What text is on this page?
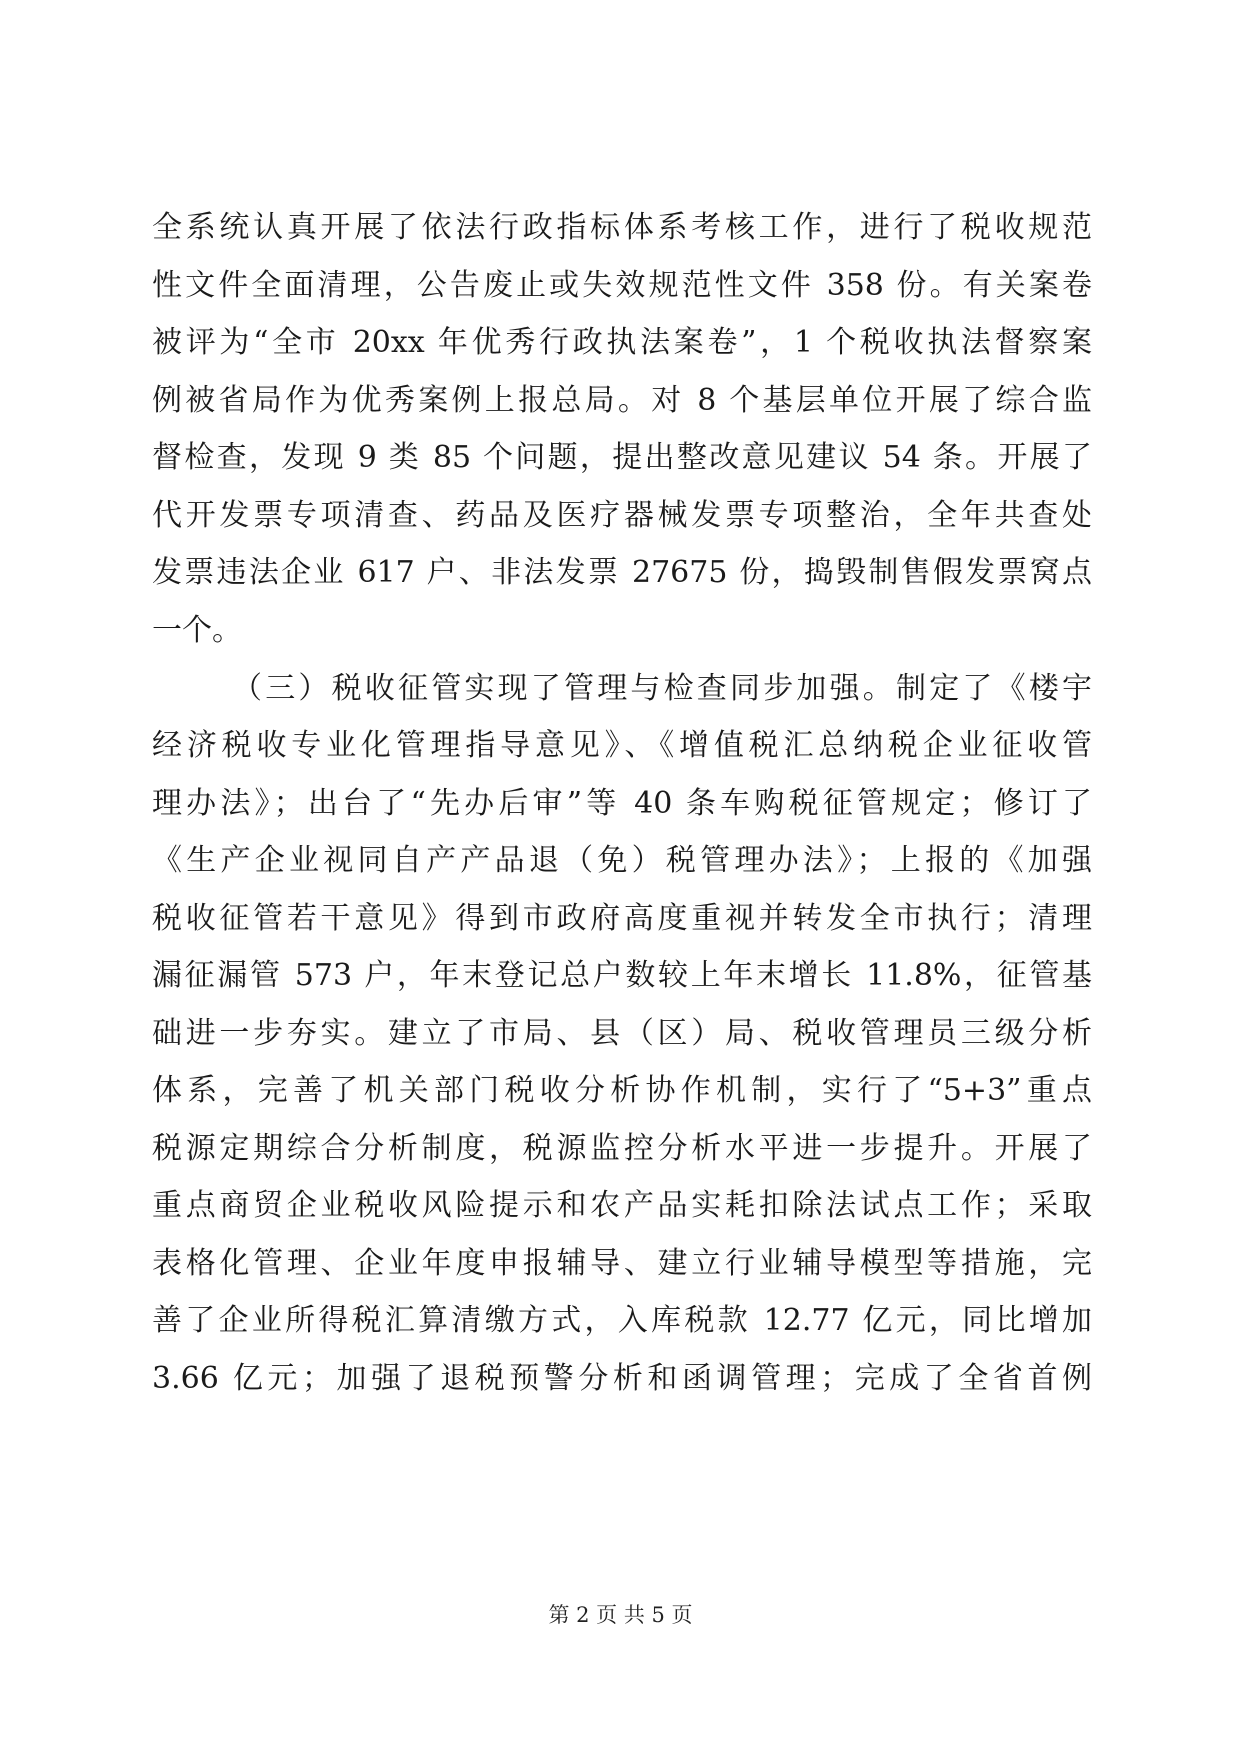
全系统认真开展了依法行政指标体系考核工作，进行了税收规范
性文件全面清理，公告废止或失效规范性文件 358 份。有关案卷
被评为“全市 20xx 年优秀行政执法案卷”，1 个税收执法督察案
例被省局作为优秀案例上报总局。对 8 个基层单位开展了综合监
督检查，发现 9 类 85 个问题，提出整改意见建议 54 条。开展了
代开发票专项清查、药品及医疗器械发票专项整治，全年共查处
发票违法企业 617 户、非法发票 27675 份，捣毁制售假发票窝点
一个。
（三）税收征管实现了管理与检查同步加强。制定了《楼宇
经济税收专业化管理指导意见》、《增值税汇总纳税企业征收管
理办法》；出台了“先办后审”等 40 条车购税征管规定；修订了
《生产企业视同自产产品退（免）税管理办法》；上报的《加强
税收征管若干意见》得到市政府高度重视并转发全市执行；清理
漏征漏管 573 户，年末登记总户数较上年末增长 11.8%，征管基
础进一步夯实。建立了市局、县（区）局、税收管理员三级分析
体系，完善了机关部门税收分析协作机制，实行了“5+3”重点
税源定期综合分析制度，税源监控分析水平进一步提升。开展了
重点商贸企业税收风险提示和农产品实耗扣除法试点工作；采取
表格化管理、企业年度申报辅导、建立行业辅导模型等措施，完
善了企业所得税汇算清缴方式，入库税款 12.77 亿元，同比增加
3.66 亿元；加强了退税预警分析和函调管理；完成了全省首例
第 2 页 共 5 页
